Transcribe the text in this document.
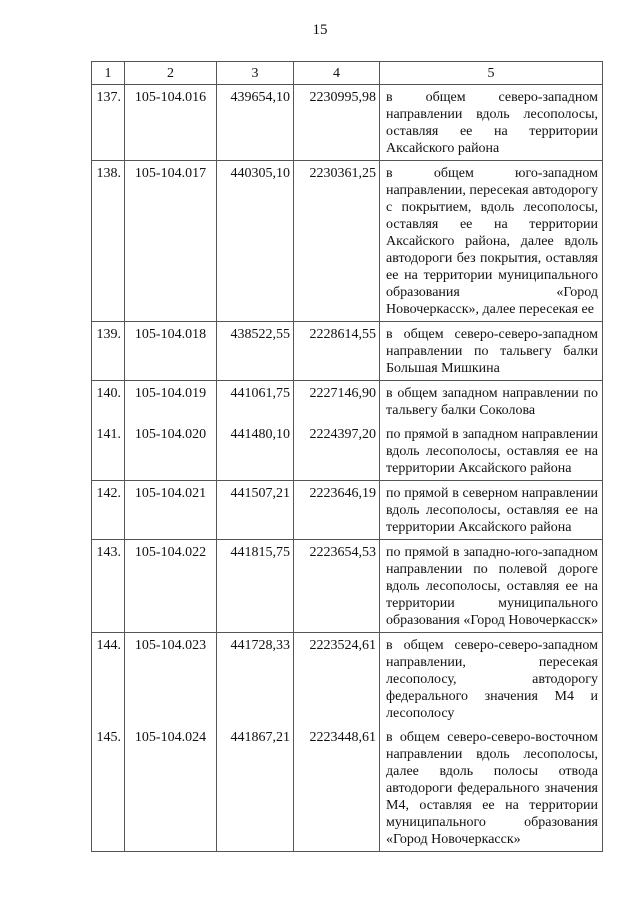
15
1	2	3	4	5
137.	105-104.016	439654,10	2230995,98	в общем северо-западном направлении вдоль лесополосы, оставляя ее на территории Аксайского района
138.	105-104.017	440305,10	2230361,25	в общем юго-западном направлении, пересекая автодорогу с покрытием, вдоль лесополосы, оставляя ее на территории Аксайского района, далее вдоль автодороги без покрытия, оставляя ее на территории муниципального образования «Город Новочеркасск», далее пересекая ее
139.	105-104.018	438522,55	2228614,55	в общем северо-северо-западном направлении по тальвегу балки Большая Мишкина
140.	105-104.019	441061,75	2227146,90	в общем западном направлении по тальвегу балки Соколова
141.	105-104.020	441480,10	2224397,20	по прямой в западном направлении вдоль лесополосы, оставляя ее на территории Аксайского района
142.	105-104.021	441507,21	2223646,19	по прямой в северном направлении вдоль лесополосы, оставляя ее на территории Аксайского района
143.	105-104.022	441815,75	2223654,53	по прямой в западно-юго-западном направлении по полевой дороге вдоль лесополосы, оставляя ее на территории муниципального образования «Город Новочеркасск»
144.	105-104.023	441728,33	2223524,61	в общем северо-северо-западном направлении, пересекая лесополосу, автодорогу федерального значения М4 и лесополосу
145.	105-104.024	441867,21	2223448,61	в общем северо-северо-восточном направлении вдоль лесополосы, далее вдоль полосы отвода автодороги федерального значения М4, оставляя ее на территории муниципального образования «Город Новочеркасск»
